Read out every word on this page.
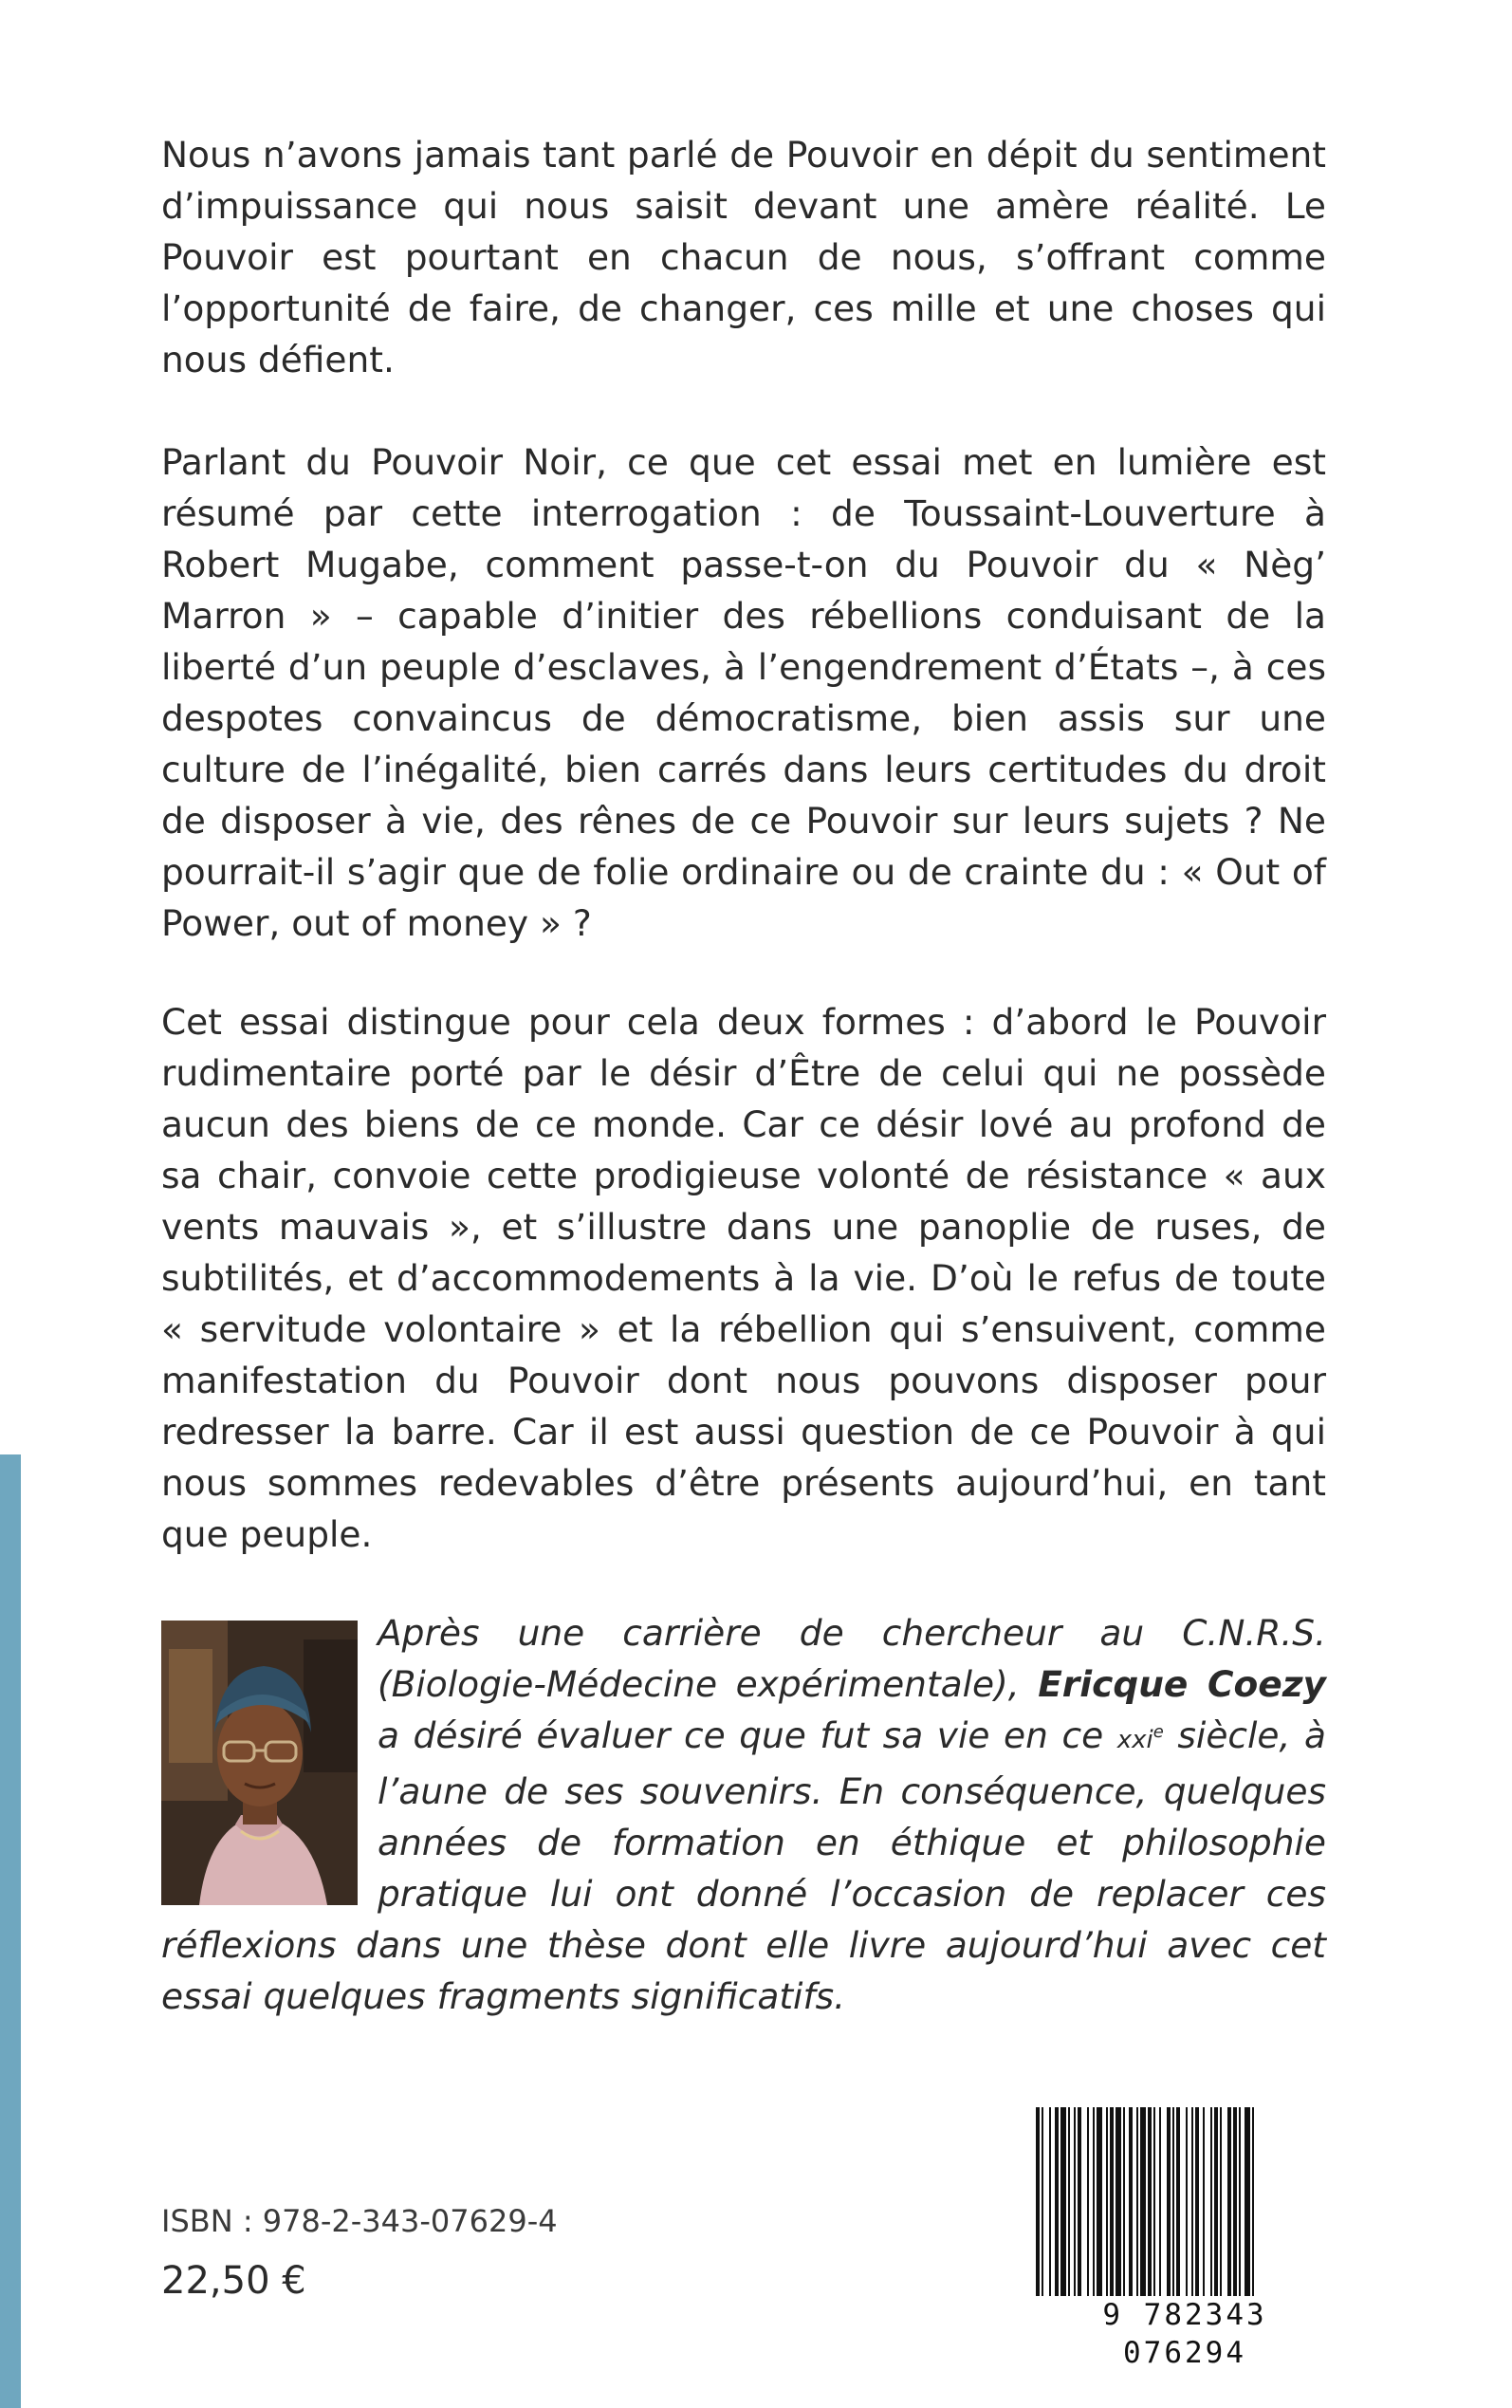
Nous n’avons jamais tant parlé de Pouvoir en dépit du sentiment d’impuissance qui nous saisit devant une amère réalité. Le Pouvoir est pourtant en chacun de nous, s’offrant comme l’opportunité de faire, de changer, ces mille et une choses qui nous défient.

Parlant du Pouvoir Noir, ce que cet essai met en lumière est résumé par cette interrogation : de Toussaint-Louverture à Robert Mugabe, comment passe-t-on du Pouvoir du « Nèg’ Marron » – capable d’initier des rébellions conduisant de la liberté d’un peuple d’esclaves, à l’engendrement d’États –, à ces despotes convaincus de démocratisme, bien assis sur une culture de l’inégalité, bien carrés dans leurs certitudes du droit de disposer à vie, des rênes de ce Pouvoir sur leurs sujets ? Ne pourrait-il s’agir que de folie ordinaire ou de crainte du : « Out of Power, out of money » ?

Cet essai distingue pour cela deux formes : d’abord le Pouvoir rudimentaire porté par le désir d’Être de celui qui ne possède aucun des biens de ce monde. Car ce désir lové au profond de sa chair, convoie cette prodigieuse volonté de résistance « aux vents mauvais », et s’illustre dans une panoplie de ruses, de subtilités, et d’accommodements à la vie. D’où le refus de toute « servitude volontaire » et la rébellion qui s’ensuivent, comme manifestation du Pouvoir dont nous pouvons disposer pour redresser la barre. Car il est aussi question de ce Pouvoir à qui nous sommes redevables d’être présents aujourd’hui, en tant que peuple.

Après une carrière de chercheur au C.N.R.S. (Biologie-Médecine expérimentale), Ericque Coezy a désiré évaluer ce que fut sa vie en ce xxi$^e$ siècle, à l’aune de ses souvenirs. En conséquence, quelques années de formation en éthique et philosophie pratique lui ont donné l’occasion de replacer ces réflexions dans une thèse dont elle livre aujourd’hui avec cet essai quelques fragments significatifs.

ISBN : 978-2-343-07629-4
22,50 €
9 782343 076294
